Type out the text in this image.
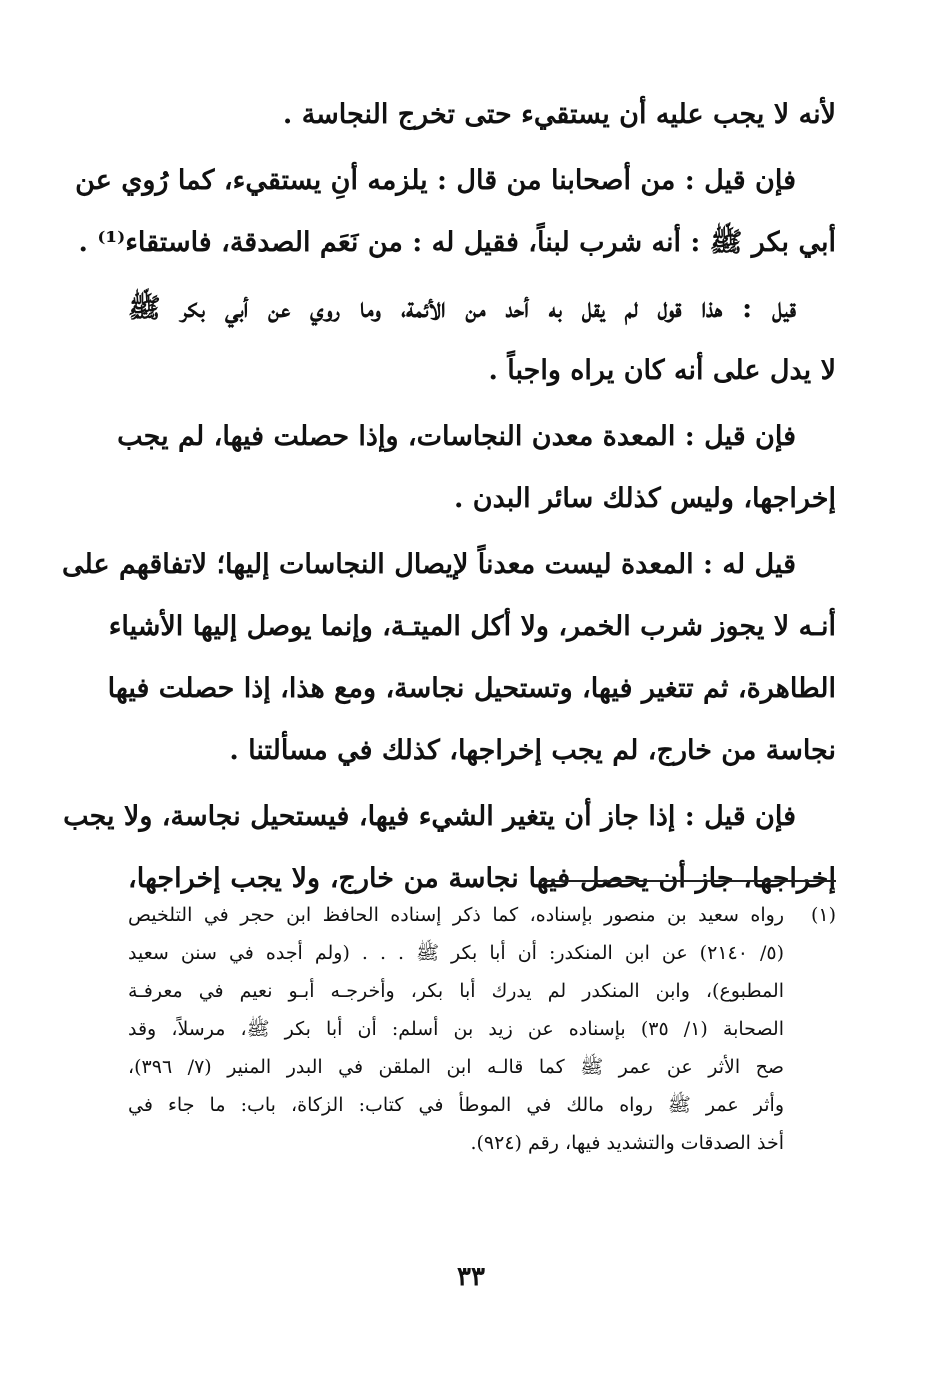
لأنه لا يجب عليه أن يستقيء حتى تخرج النجاسة .

فإن قيل : من أصحابنا من قال : يلزمه أنِ يستقيء، كما رُوي عن
أبي بكر ﷺ : أنه شرب لبناً، فقيل له : من نَعَم الصدقة، فاستقاء⁽¹⁾ .

قيل : هذا قول لم يقل به أحد من الأئمة، وما روي عن أبي بكر ﷺ
لا يدل على أنه كان يراه واجباً .

فإن قيل : المعدة معدن النجاسات، وإذا حصلت فيها، لم يجب
إخراجها، وليس كذلك سائر البدن .

قيل له : المعدة ليست معدناً لإيصال النجاسات إليها؛ لاتفاقهم على
أنـه لا يجوز شرب الخمر، ولا أكل الميتـة، وإنما يوصل إليها الأشياء
الطاهرة، ثم تتغير فيها، وتستحيل نجاسة، ومع هذا، إذا حصلت فيها
نجاسة من خارج، لم يجب إخراجها، كذلك في مسألتنا .

فإن قيل : إذا جاز أن يتغير الشيء فيها، فيستحيل نجاسة، ولا يجب
إخراجها، جاز أن يحصل فيها نجاسة من خارج، ولا يجب إخراجها،

(١)
رواه سعيد بن منصور بإسناده، كما ذكر إسناده الحافظ ابن حجر في التلخيص
(٥/ ٢١٤٠) عن ابن المنكدر: أن أبا بكر ﷺ . . . (ولم أجده في سنن سعيد
المطبوع)، وابن المنكدر لم يدرك أبا بكر، وأخرجـه أبـو نعيم في معرفـة
الصحابة (١/ ٣٥) بإسناده عن زيد بن أسلم: أن أبا بكر ﷺ، مرسلاً، وقد
صح الأثر عن عمر ﷺ كما قالـه ابن الملقن في البدر المنير (٧/ ٣٩٦)،
وأثر عمر ﷺ رواه مالك في الموطأ في كتاب: الزكاة، باب: ما جاء في
أخذ الصدقات والتشديد فيها، رقم (٩٢٤).
٣٣
